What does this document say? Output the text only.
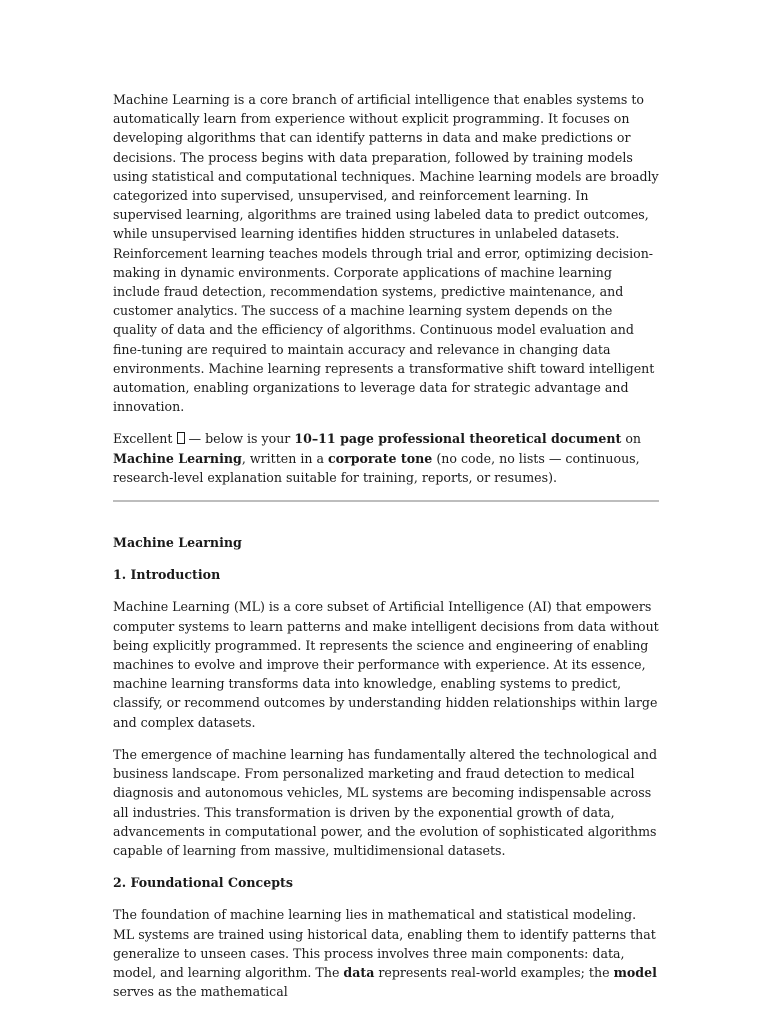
Machine Learning is a core branch of artificial intelligence that enables systems to automatically learn from experience without explicit programming. It focuses on developing algorithms that can identify patterns in data and make predictions or decisions. The process begins with data preparation, followed by training models using statistical and computational techniques. Machine learning models are broadly categorized into supervised, unsupervised, and reinforcement learning. In supervised learning, algorithms are trained using labeled data to predict outcomes, while unsupervised learning identifies hidden structures in unlabeled datasets. Reinforcement learning teaches models through trial and error, optimizing decision-making in dynamic environments. Corporate applications of machine learning include fraud detection, recommendation systems, predictive maintenance, and customer analytics. The success of a machine learning system depends on the quality of data and the efficiency of algorithms. Continuous model evaluation and fine-tuning are required to maintain accuracy and relevance in changing data environments. Machine learning represents a transformative shift toward intelligent automation, enabling organizations to leverage data for strategic advantage and innovation.

Excellent  — below is your 10–11 page professional theoretical document on Machine Learning, written in a corporate tone (no code, no lists — continuous, research-level explanation suitable for training, reports, or resumes).

Machine Learning

1. Introduction

Machine Learning (ML) is a core subset of Artificial Intelligence (AI) that empowers computer systems to learn patterns and make intelligent decisions from data without being explicitly programmed. It represents the science and engineering of enabling machines to evolve and improve their performance with experience. At its essence, machine learning transforms data into knowledge, enabling systems to predict, classify, or recommend outcomes by understanding hidden relationships within large and complex datasets.

The emergence of machine learning has fundamentally altered the technological and business landscape. From personalized marketing and fraud detection to medical diagnosis and autonomous vehicles, ML systems are becoming indispensable across all industries. This transformation is driven by the exponential growth of data, advancements in computational power, and the evolution of sophisticated algorithms capable of learning from massive, multidimensional datasets.

2. Foundational Concepts

The foundation of machine learning lies in mathematical and statistical modeling. ML systems are trained using historical data, enabling them to identify patterns that generalize to unseen cases. This process involves three main components: data, model, and learning algorithm. The data represents real-world examples; the model serves as the mathematical
